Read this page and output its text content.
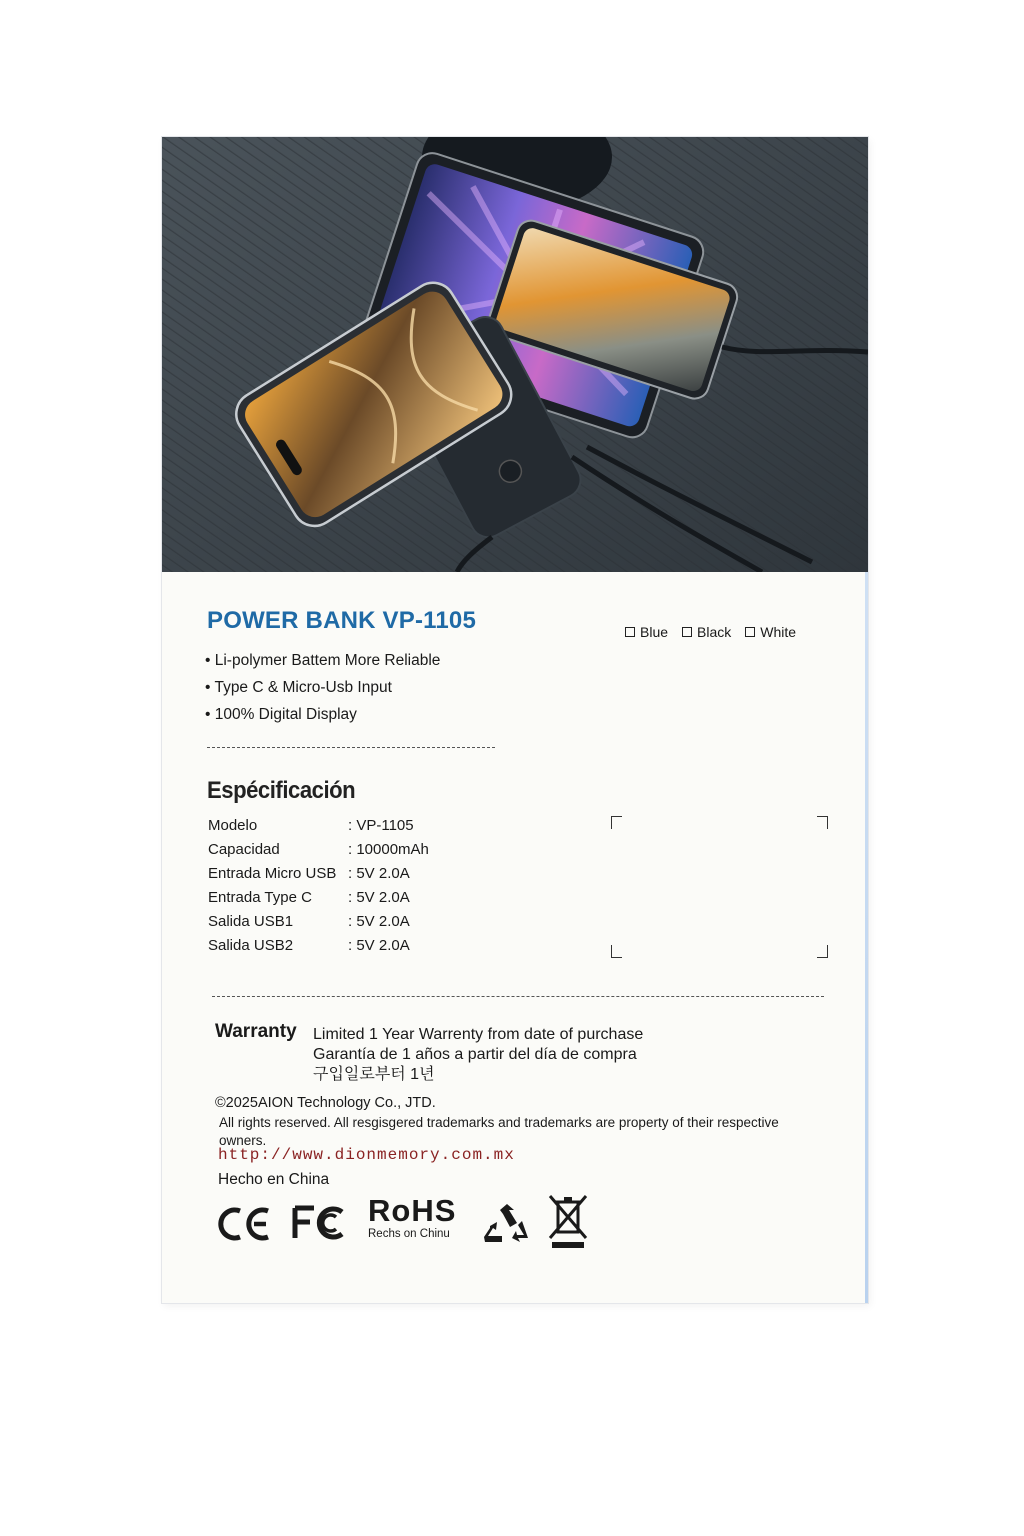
POWER BANK VP-1105	Blue Black White
• Li-polymer Battem More Reliable
• Type C & Micro-Usb Input
• 100% Digital Display
Espécificación
Modelo	: VP-1105
Capacidad	: 10000mAh
Entrada Micro USB : 5V 2.0A
Entrada Type C	: 5V 2.0A
Salida USB1	: 5V 2.0A
Salida USB2	: 5V 2.0A
Warranty Limited 1 Year Warrenty from date of purchase
Garantía de 1 años a partir del día de compra
구입일로부터 1년
©2025AION Technology Co., JTD.
All rights reserved. All resgisgered trademarks and trademarks are property of their respective owners.
http://www.dionmemory.com.mx
Hecho en China
RoHS
Rechs on Chinu
